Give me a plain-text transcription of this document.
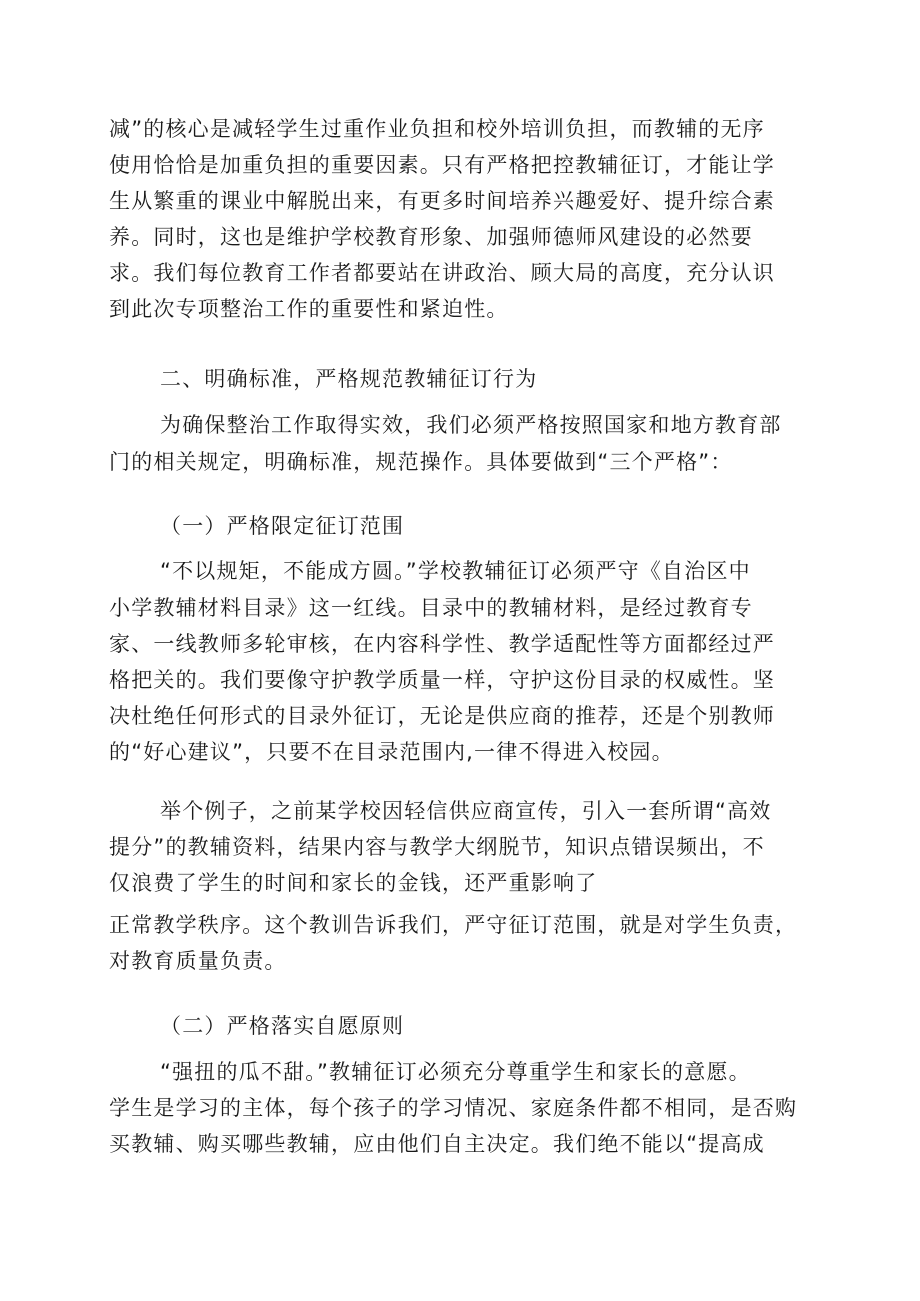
减”的核心是减轻学生过重作业负担和校外培训负担，而教辅的无序
使用恰恰是加重负担的重要因素。只有严格把控教辅征订，才能让学
生从繁重的课业中解脱出来，有更多时间培养兴趣爱好、提升综合素
养。同时，这也是维护学校教育形象、加强师德师风建设的必然要
求。我们每位教育工作者都要站在讲政治、顾大局的高度，充分认识
到此次专项整治工作的重要性和紧迫性。
二、明确标准，严格规范教辅征订行为
为确保整治工作取得实效，我们必须严格按照国家和地方教育部
门的相关规定，明确标准，规范操作。具体要做到“三个严格”：
（一）严格限定征订范围
“不以规矩，不能成方圆。”学校教辅征订必须严守《自治区中
小学教辅材料目录》这一红线。目录中的教辅材料，是经过教育专
家、一线教师多轮审核，在内容科学性、教学适配性等方面都经过严
格把关的。我们要像守护教学质量一样，守护这份目录的权威性。坚
决杜绝任何形式的目录外征订，无论是供应商的推荐，还是个别教师
的“好心建议”，只要不在目录范围内,一律不得进入校园。
举个例子，之前某学校因轻信供应商宣传，引入一套所谓“高效
提分”的教辅资料，结果内容与教学大纲脱节，知识点错误频出，不
仅浪费了学生的时间和家长的金钱，还严重影响了
正常教学秩序。这个教训告诉我们，严守征订范围，就是对学生负责，
对教育质量负责。
（二）严格落实自愿原则
“强扭的瓜不甜。”教辅征订必须充分尊重学生和家长的意愿。
学生是学习的主体，每个孩子的学习情况、家庭条件都不相同，是否购
买教辅、购买哪些教辅，应由他们自主决定。我们绝不能以“提高成
